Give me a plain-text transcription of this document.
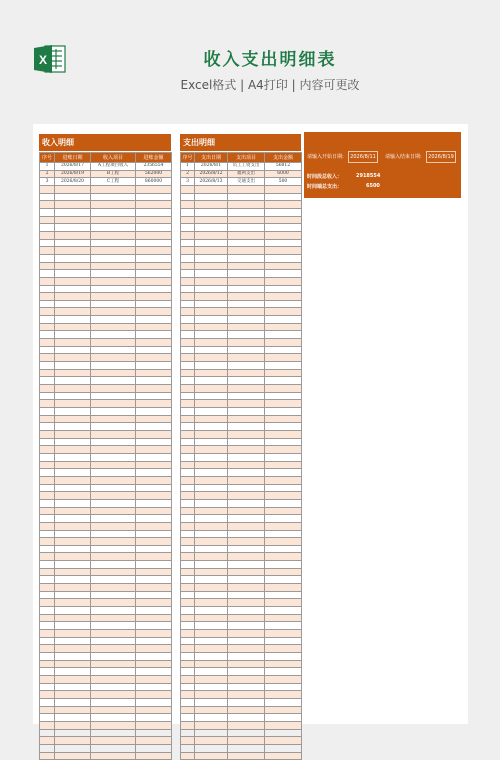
X	收入支出明细表
Excel格式 | A4打印 | 内容可更改
收入明细
序号	进账日期	收入项目	进账金额
1	2026/8/17	A工程项目收入	2356554
2	2026/8/19	B工程	562000
3	2026/8/20	C工程	860000

支出明细
序号	支出日期	支出项目	支出金额
1	2026/8/1	员工工资支出	56812
2	2026/8/12	福利支出	6000
3	2026/8/13	交通支出	500

请输入开始日期:	2026/8/11	请输入结束日期:	2026/8/19
时间段总收入：	2918554
时间端总支出：	6500
